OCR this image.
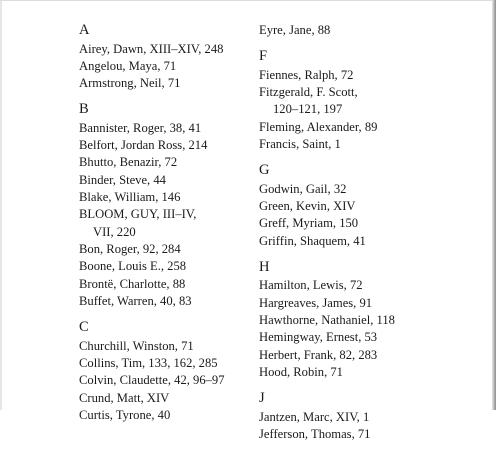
A
Airey, Dawn, XIII–XIV, 248
Angelou, Maya, 71
Armstrong, Neil, 71
B
Bannister, Roger, 38, 41
Belfort, Jordan Ross, 214
Bhutto, Benazir, 72
Binder, Steve, 44
Blake, William, 146
BLOOM, GUY, III–IV,
VII, 220
Bon, Roger, 92, 284
Boone, Louis E., 258
Brontë, Charlotte, 88
Buffet, Warren, 40, 83
C
Churchill, Winston, 71
Collins, Tim, 133, 162, 285
Colvin, Claudette, 42, 96–97
Crund, Matt, XIV
Curtis, Tyrone, 40
Eyre, Jane, 88
F
Fiennes, Ralph, 72
Fitzgerald, F. Scott,
120–121, 197
Fleming, Alexander, 89
Francis, Saint, 1
G
Godwin, Gail, 32
Green, Kevin, XIV
Greff, Myriam, 150
Griffin, Shaquem, 41
H
Hamilton, Lewis, 72
Hargreaves, James, 91
Hawthorne, Nathaniel, 118
Hemingway, Ernest, 53
Herbert, Frank, 82, 283
Hood, Robin, 71
J
Jantzen, Marc, XIV, 1
Jefferson, Thomas, 71
